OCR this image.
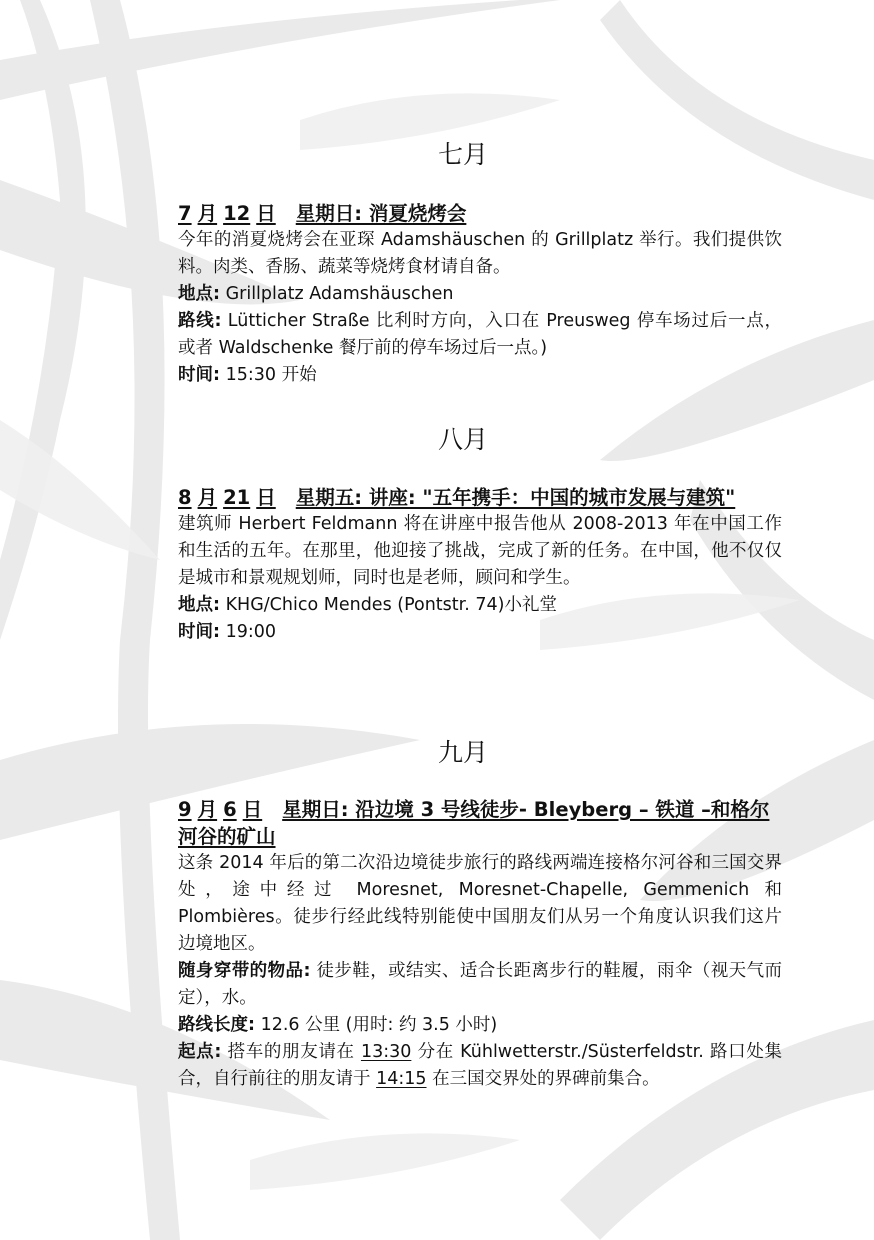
七月

7 月 12 日 星期日: 消夏烧烤会

今年的消夏烧烤会在亚琛 Adamshäuschen 的 Grillplatz 举行。我们提供饮料。肉类、香肠、蔬菜等烧烤食材请自备。

地点: Grillplatz Adamshäuschen

路线: Lütticher Straße 比利时方向，入口在 Preusweg 停车场过后一点，或者 Waldschenke 餐厅前的停车场过后一点。)

时间: 15:30 开始

八月

8 月 21 日 星期五: 讲座: "五年携手：中国的城市发展与建筑"

建筑师 Herbert Feldmann 将在讲座中报告他从 2008-2013 年在中国工作和生活的五年。在那里，他迎接了挑战，完成了新的任务。在中国，他不仅仅是城市和景观规划师，同时也是老师，顾问和学生。

地点: KHG/Chico Mendes (Pontstr. 74)小礼堂

时间: 19:00

九月

9 月 6 日 星期日: 沿边境 3 号线徒步- Bleyberg – 铁道 –和格尔河谷的矿山

这条 2014 年后的第二次沿边境徒步旅行的路线两端连接格尔河谷和三国交界处，途中经过 Moresnet, Moresnet-Chapelle, Gemmenich 和 Plombières。徒步行经此线特别能使中国朋友们从另一个角度认识我们这片边境地区。

随身穿带的物品: 徒步鞋，或结实、适合长距离步行的鞋履，雨伞（视天气而定），水。

路线长度: 12.6 公里 (用时: 约 3.5 小时)

起点: 搭车的朋友请在 13:30 分在 Kühlwetterstr./Süsterfeldstr. 路口处集合，自行前往的朋友请于 14:15 在三国交界处的界碑前集合。
